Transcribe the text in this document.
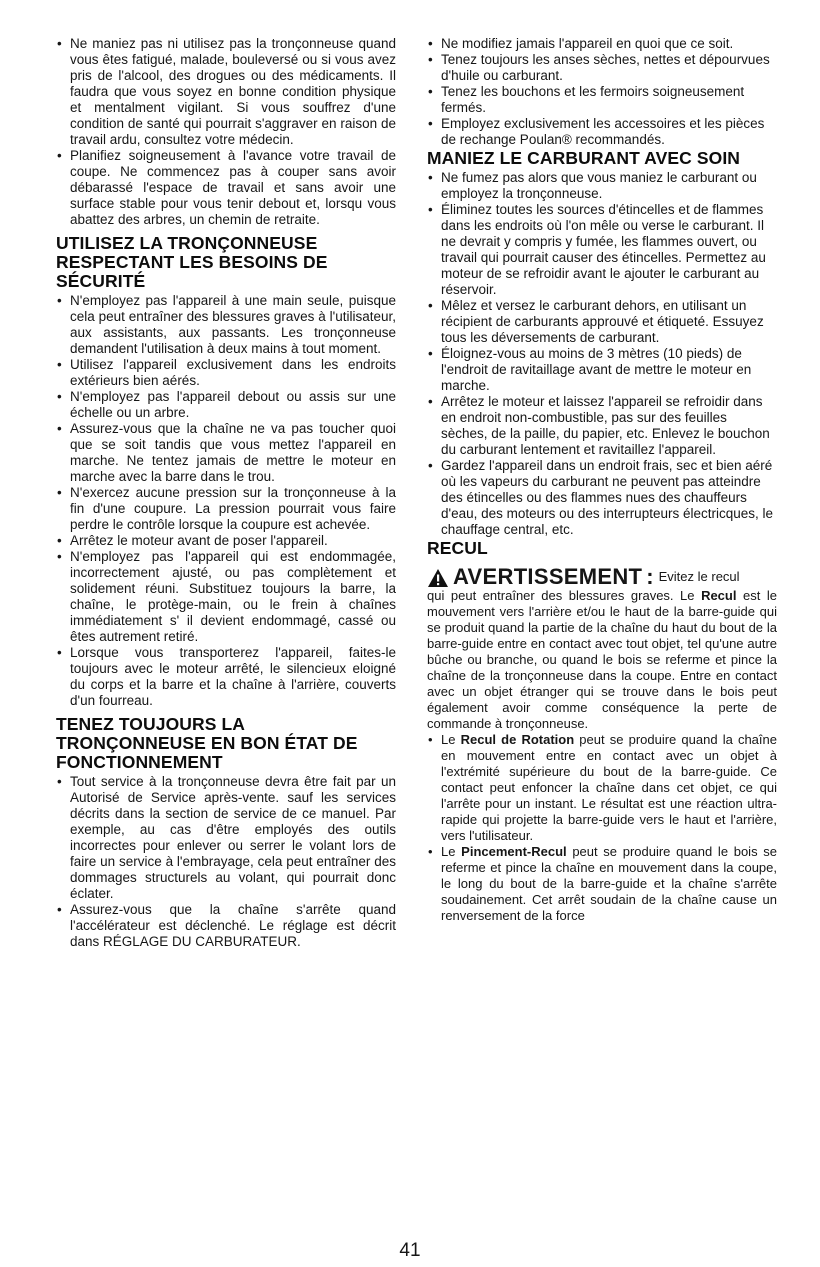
• Ne maniez pas ni utilisez pas la tronçonneuse quand vous êtes fatigué, malade, bouleversé ou si vous avez pris de l'alcool, des drogues ou des médicaments. Il faudra que vous soyez en bonne condition physique et mentalment vigilant. Si vous souffrez d'une condition de santé qui pourrait s'aggraver en raison de travail ardu, consultez votre médecin.
• Planifiez soigneusement à l'avance votre travail de coupe. Ne commencez pas à couper sans avoir débarassé l'espace de travail et sans avoir une surface stable pour vous tenir debout et, lorsqu vous abattez des arbres, un chemin de retraite.
UTILISEZ LA TRONÇONNEUSE RESPECTANT LES BESOINS DE SÉCURITÉ
• N'employez pas l'appareil à une main seule, puisque cela peut entraîner des blessures graves à l'utilisateur, aux assistants, aux passants. Les tronçonneuse demandent l'utilisation à deux mains à tout moment.
• Utilisez l'appareil exclusivement dans les endroits extérieurs bien aérés.
• N'employez pas l'appareil debout ou assis sur une échelle ou un arbre.
• Assurez-vous que la chaîne ne va pas toucher quoi que se soit tandis que vous mettez l'appareil en marche. Ne tentez jamais de mettre le moteur en marche avec la barre dans le trou.
• N'exercez aucune pression sur la tronçonneuse à la fin d'une coupure. La pression pourrait vous faire perdre le contrôle lorsque la coupure est achevée.
• Arrêtez le moteur avant de poser l'appareil.
• N'employez pas l'appareil qui est endommagée, incorrectement ajusté, ou pas complètement et solidement réuni. Substituez toujours la barre, la chaîne, le protège-main, ou le frein à chaînes immédiatement s' il devient endommagé, cassé ou êtes autrement retiré.
• Lorsque vous transporterez l'appareil, faites-le toujours avec le moteur arrêté, le silencieux eloigné du corps et la barre et la chaîne à l'arrière, couverts d'un fourreau.
TENEZ TOUJOURS LA TRONÇONNEUSE EN BON ÉTAT DE FONCTIONNEMENT
• Tout service à la tronçonneuse devra être fait par un Autorisé de Service après-vente. sauf les services décrits dans la section de service de ce manuel. Par exemple, au cas d'être employés des outils incorrectes pour enlever ou serrer le volant lors de faire un service à l'embrayage, cela peut entraîner des dommages structurels au volant, qui pourrait donc éclater.
• Assurez-vous que la chaîne s'arrête quand l'accélérateur est déclenché. Le réglage est décrit dans RÉGLAGE DU CARBURATEUR.
• Ne modifiez jamais l'appareil en quoi que ce soit.
• Tenez toujours les anses sèches, nettes et dépourvues d'huile ou carburant.
• Tenez les bouchons et les fermoirs soigneusement fermés.
• Employez exclusivement les accessoires et les pièces de rechange Poulan® recommandés.
MANIEZ LE CARBURANT AVEC SOIN
• Ne fumez pas alors que vous maniez le carburant ou employez la tronçonneuse.
• Éliminez toutes les sources d'étincelles et de flammes dans les endroits où l'on mêle ou verse le carburant. Il ne devrait y compris y fumée, les flammes ouvert, ou travail qui pourrait causer des étincelles. Permettez au moteur de se refroidir avant le ajouter le carburant au réservoir.
• Mêlez et versez le carburant dehors, en utilisant un récipient de carburants approuvé et étiqueté. Essuyez tous les déversements de carburant.
• Éloignez-vous au moins de 3 mètres (10 pieds) de l'endroit de ravitaillage avant de mettre le moteur en marche.
• Arrêtez le moteur et laissez l'appareil se refroidir dans en endroit non-combustible, pas sur des feuilles sèches, de la paille, du papier, etc. Enlevez le bouchon du carburant lentement et ravitaillez l'appareil.
• Gardez l'appareil dans un endroit frais, sec et bien aéré où les vapeurs du carburant ne peuvent pas atteindre des étincelles ou des flammes nues des chauffeurs d'eau, des moteurs ou des interrupteurs électricques, le chauffage central, etc.
RECUL
AVERTISSEMENT : Evitez le recul

qui peut entraîner des blessures graves. Le Recul est le mouvement vers l'arrière et/ou le haut de la barre-guide qui se produit quand la partie de la chaîne du haut du bout de la barre-guide entre en contact avec tout objet, tel qu'une autre bûche ou branche, ou quand le bois se referme et pince la chaîne de la tronçonneuse dans la coupe. Entre en contact avec un objet étranger qui se trouve dans le bois peut également avoir comme conséquence la perte de commande à tronçonneuse.

• Le Recul de Rotation peut se produire quand la chaîne en mouvement entre en contact avec un objet à l'extrémité supérieure du bout de la barre-guide. Ce contact peut enfoncer la chaîne dans cet objet, ce qui l'arrête pour un instant. Le résultat est une réaction ultra-rapide qui projette la barre-guide vers le haut et l'arrière, vers l'utilisateur.
• Le Pincement-Recul peut se produire quand le bois se referme et pince la chaîne en mouvement dans la coupe, le long du bout de la barre-guide et la chaîne s'arrête soudainement. Cet arrêt soudain de la chaîne cause un renversement de la force
41
